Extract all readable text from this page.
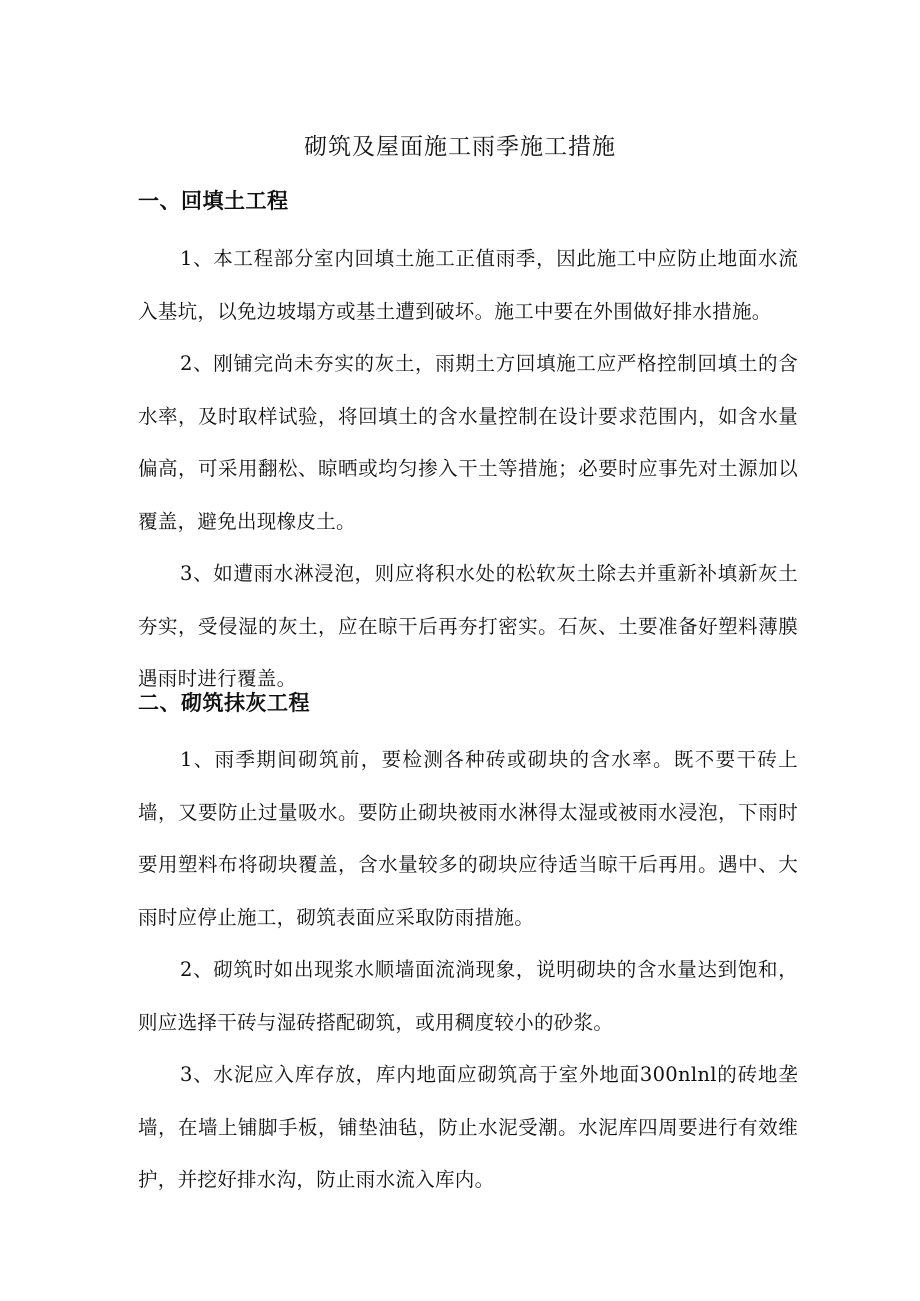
砌筑及屋面施工雨季施工措施
一、回填土工程

1、本工程部分室内回填土施工正值雨季，因此施工中应防止地面水流入基坑，以免边坡塌方或基土遭到破坏。施工中要在外围做好排水措施。

2、刚铺完尚未夯实的灰土，雨期土方回填施工应严格控制回填土的含水率，及时取样试验，将回填土的含水量控制在设计要求范围内，如含水量偏高，可采用翻松、晾晒或均匀掺入干土等措施；必要时应事先对土源加以覆盖，避免出现橡皮土。

3、如遭雨水淋浸泡，则应将积水处的松软灰土除去并重新补填新灰土夯实，受侵湿的灰土，应在晾干后再夯打密实。石灰、土要准备好塑料薄膜遇雨时进行覆盖。

二、砌筑抹灰工程

1、雨季期间砌筑前，要检测各种砖或砌块的含水率。既不要干砖上墙，又要防止过量吸水。要防止砌块被雨水淋得太湿或被雨水浸泡，下雨时要用塑料布将砌块覆盖，含水量较多的砌块应待适当晾干后再用。遇中、大雨时应停止施工，砌筑表面应采取防雨措施。

2、砌筑时如出现浆水顺墙面流淌现象，说明砌块的含水量达到饱和，则应选择干砖与湿砖搭配砌筑，或用稠度较小的砂浆。

3、水泥应入库存放，库内地面应砌筑高于室外地面300nlnl的砖地垄墙，在墙上铺脚手板，铺垫油毡，防止水泥受潮。水泥库四周要进行有效维护，并挖好排水沟，防止雨水流入库内。
